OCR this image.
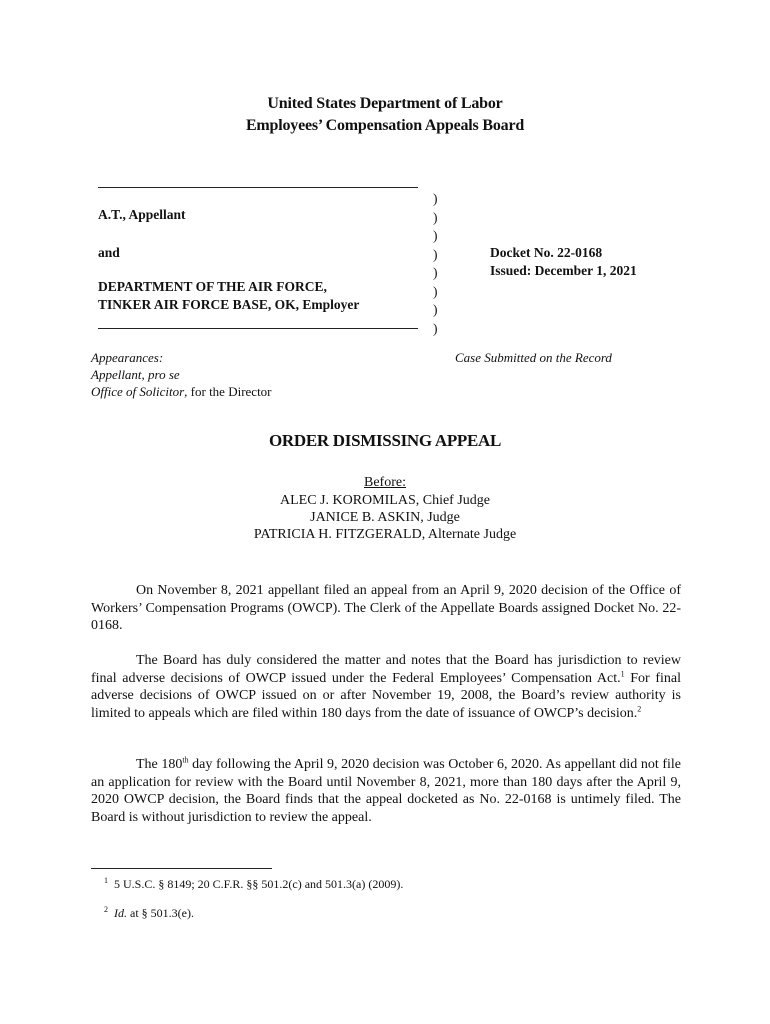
United States Department of Labor
Employees’ Compensation Appeals Board
A.T., Appellant
and
DEPARTMENT OF THE AIR FORCE,
TINKER AIR FORCE BASE, OK, Employer
)
)
)
)
)
)
)
)
Docket No. 22-0168
Issued: December 1, 2021
Appearances:
Appellant, pro se
Office of Solicitor, for the Director
Case Submitted on the Record
ORDER DISMISSING APPEAL
Before:
ALEC J. KOROMILAS, Chief Judge
JANICE B. ASKIN, Judge
PATRICIA H. FITZGERALD, Alternate Judge
On November 8, 2021 appellant filed an appeal from an April 9, 2020 decision of the Office of Workers’ Compensation Programs (OWCP). The Clerk of the Appellate Boards assigned Docket No. 22-0168.
The Board has duly considered the matter and notes that the Board has jurisdiction to review final adverse decisions of OWCP issued under the Federal Employees’ Compensation Act.$^1$ For final adverse decisions of OWCP issued on or after November 19, 2008, the Board’s review authority is limited to appeals which are filed within 180 days from the date of issuance of OWCP’s decision.$^2$
The 180th day following the April 9, 2020 decision was October 6, 2020. As appellant did not file an application for review with the Board until November 8, 2021, more than 180 days after the April 9, 2020 OWCP decision, the Board finds that the appeal docketed as No. 22-0168 is untimely filed. The Board is without jurisdiction to review the appeal.
$^1$ 5 U.S.C. § 8149; 20 C.F.R. §§ 501.2(c) and 501.3(a) (2009).
$^2$ Id. at § 501.3(e).
